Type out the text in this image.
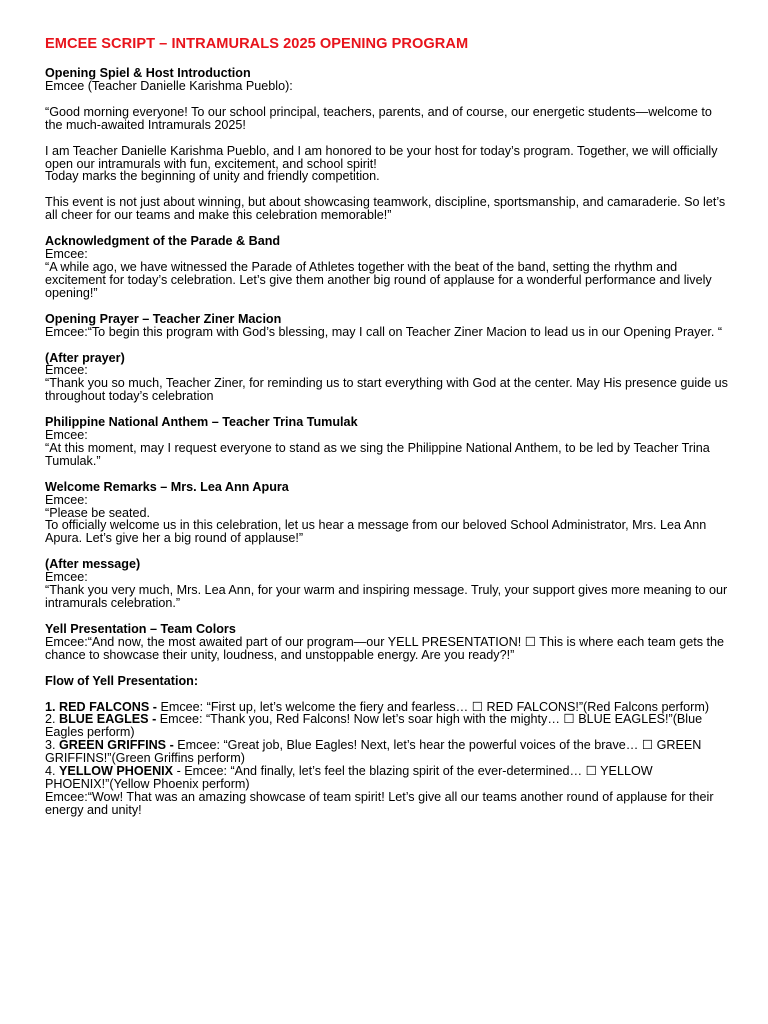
EMCEE SCRIPT – INTRAMURALS 2025 OPENING PROGRAM
Opening Spiel & Host Introduction
Emcee (Teacher Danielle Karishma Pueblo):
“Good morning everyone! To our school principal, teachers, parents, and of course, our energetic students—welcome to the much-awaited Intramurals 2025!
I am Teacher Danielle Karishma Pueblo, and I am honored to be your host for today’s program. Together, we will officially open our intramurals with fun, excitement, and school spirit!
Today marks the beginning of unity and friendly competition.
This event is not just about winning, but about showcasing teamwork, discipline, sportsmanship, and camaraderie. So let’s all cheer for our teams and make this celebration memorable!”
Acknowledgment of the Parade & Band
Emcee:
“A while ago, we have witnessed the Parade of Athletes together with the beat of the band, setting the rhythm and excitement for today’s celebration. Let’s give them another big round of applause for a wonderful performance and lively opening!”
Opening Prayer – Teacher Ziner Macion
Emcee:“To begin this program with God’s blessing, may I call on Teacher Ziner Macion to lead us in our Opening Prayer. “
(After prayer)
Emcee:
“Thank you so much, Teacher Ziner, for reminding us to start everything with God at the center. May His presence guide us throughout today’s celebration
Philippine National Anthem – Teacher Trina Tumulak
Emcee:
“At this moment, may I request everyone to stand as we sing the Philippine National Anthem, to be led by Teacher Trina Tumulak.”
Welcome Remarks – Mrs. Lea Ann Apura
Emcee:
“Please be seated.
To officially welcome us in this celebration, let us hear a message from our beloved School Administrator, Mrs. Lea Ann Apura. Let’s give her a big round of applause!”
(After message)
Emcee:
“Thank you very much, Mrs. Lea Ann, for your warm and inspiring message. Truly, your support gives more meaning to our intramurals celebration.”
Yell Presentation – Team Colors
Emcee:“And now, the most awaited part of our program—our YELL PRESENTATION! ☐ This is where each team gets the chance to showcase their unity, loudness, and unstoppable energy. Are you ready?!”
Flow of Yell Presentation:
1. RED FALCONS - Emcee: “First up, let’s welcome the fiery and fearless… ☐ RED FALCONS!”(Red Falcons perform)
2. BLUE EAGLES - Emcee: “Thank you, Red Falcons! Now let’s soar high with the mighty… ☐ BLUE EAGLES!”(Blue Eagles perform)
3. GREEN GRIFFINS - Emcee: “Great job, Blue Eagles! Next, let’s hear the powerful voices of the brave… ☐ GREEN GRIFFINS!”(Green Griffins perform)
4. YELLOW PHOENIX - Emcee: “And finally, let’s feel the blazing spirit of the ever-determined… ☐ YELLOW PHOENIX!”(Yellow Phoenix perform)
Emcee:“Wow! That was an amazing showcase of team spirit! Let’s give all our teams another round of applause for their energy and unity!
